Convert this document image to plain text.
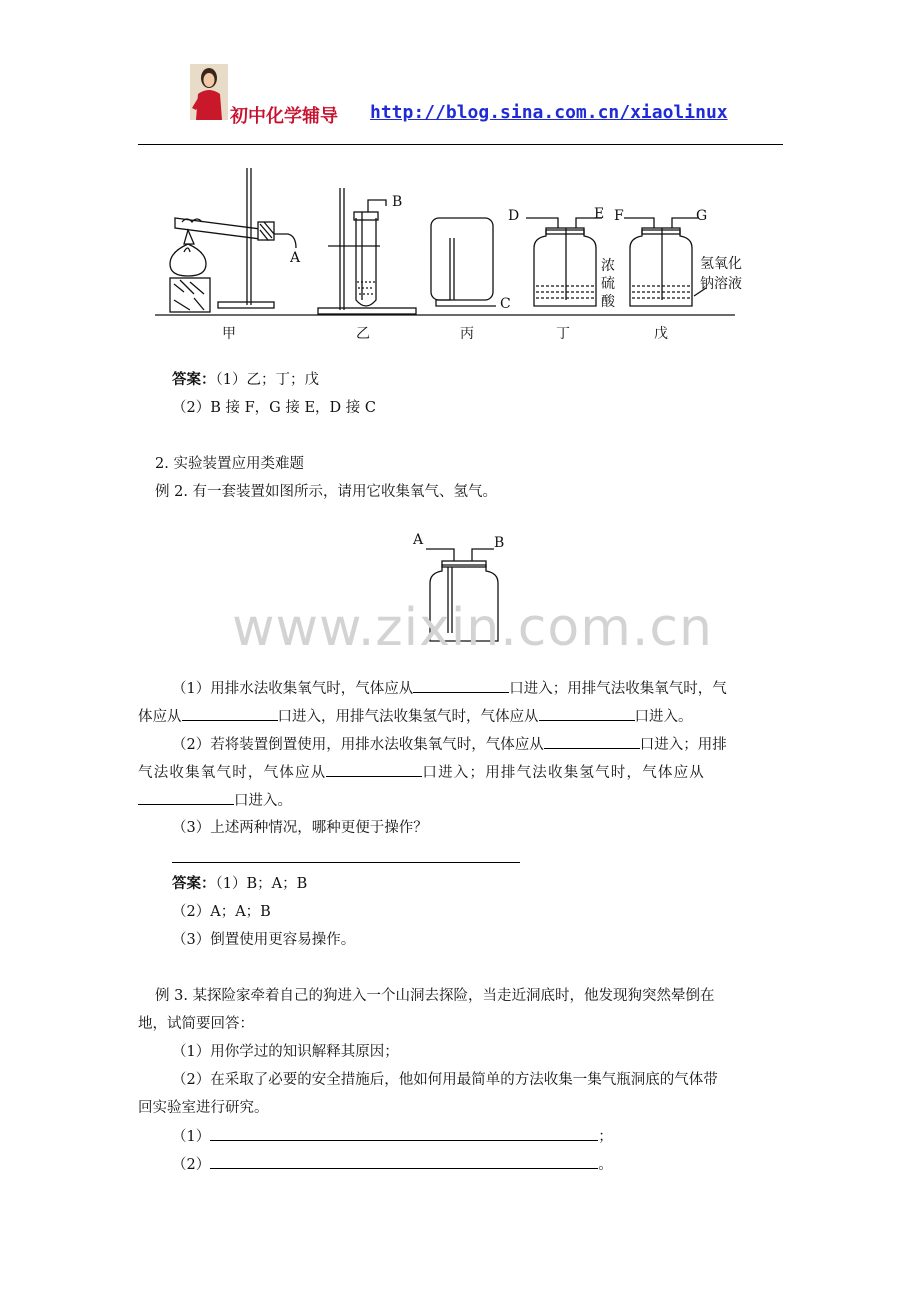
初中化学辅导 http://blog.sina.com.cn/xiaolinux
A
B
C
D	E F	G
浓
硫
酸
氢氧化
钠溶液
甲	乙	丙	丁	戊
答案：（1）乙；丁；戊
（2）B 接 F，G 接 E，D 接 C
2. 实验装置应用类难题
例 2. 有一套装置如图所示，请用它收集氧气、氢气。
A	B
www.zixin.com.cn
（1）用排水法收集氧气时，气体应从	口进入；用排气法收集氧气时，气
体应从	口进入，用排气法收集氢气时，气体应从	口进入。
（2）若将装置倒置使用，用排水法收集氧气时，气体应从	口进入；用排
气法收集氧气时，气体应从	口进入；用排气法收集氢气时，气体应从
口进入。
（3）上述两种情况，哪种更便于操作？
答案：（1）B；A；B
（2）A；A；B
（3）倒置使用更容易操作。
例 3. 某探险家牵着自己的狗进入一个山洞去探险，当走近洞底时，他发现狗突然晕倒在
地，试简要回答：
（1）用你学过的知识解释其原因；
（2）在采取了必要的安全措施后，他如何用最简单的方法收集一集气瓶洞底的气体带
回实验室进行研究。
（1）	；
（2）	。
